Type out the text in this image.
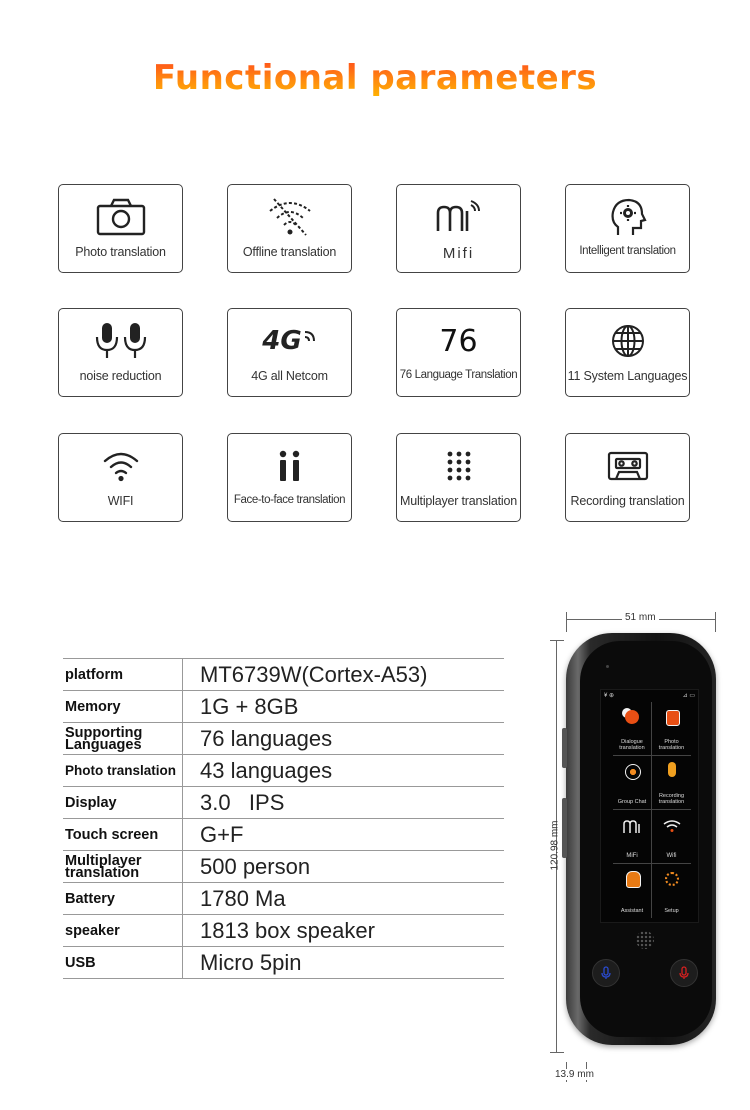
Functional parameters
Photo translation	Offline translation	Mifi	Intelligent translation
noise reduction
4G
4G all Netcom
76
76 Language Translation	11 System Languages
WIFI	Face-to-face translation	Multiplayer translation	Recording translation
platform	MT6739W(Cortex-A53)
Memory	1G + 8GB
Supporting Languages	76 languages
Photo translation 43 languages
Display	3.0   IPS
Touch screen	G+F
Multiplayer translation	500 person
Battery	1780 Ma
speaker	1813 box speaker
USB	Micro 5pin
51 mm
120.98 mm
13.9 mm
¥ ⊕	⊿ ▭
Dialogue translation
Photo translation
Group Chat
Recording translation
MiFi	Wifi
Assistant	Setup
